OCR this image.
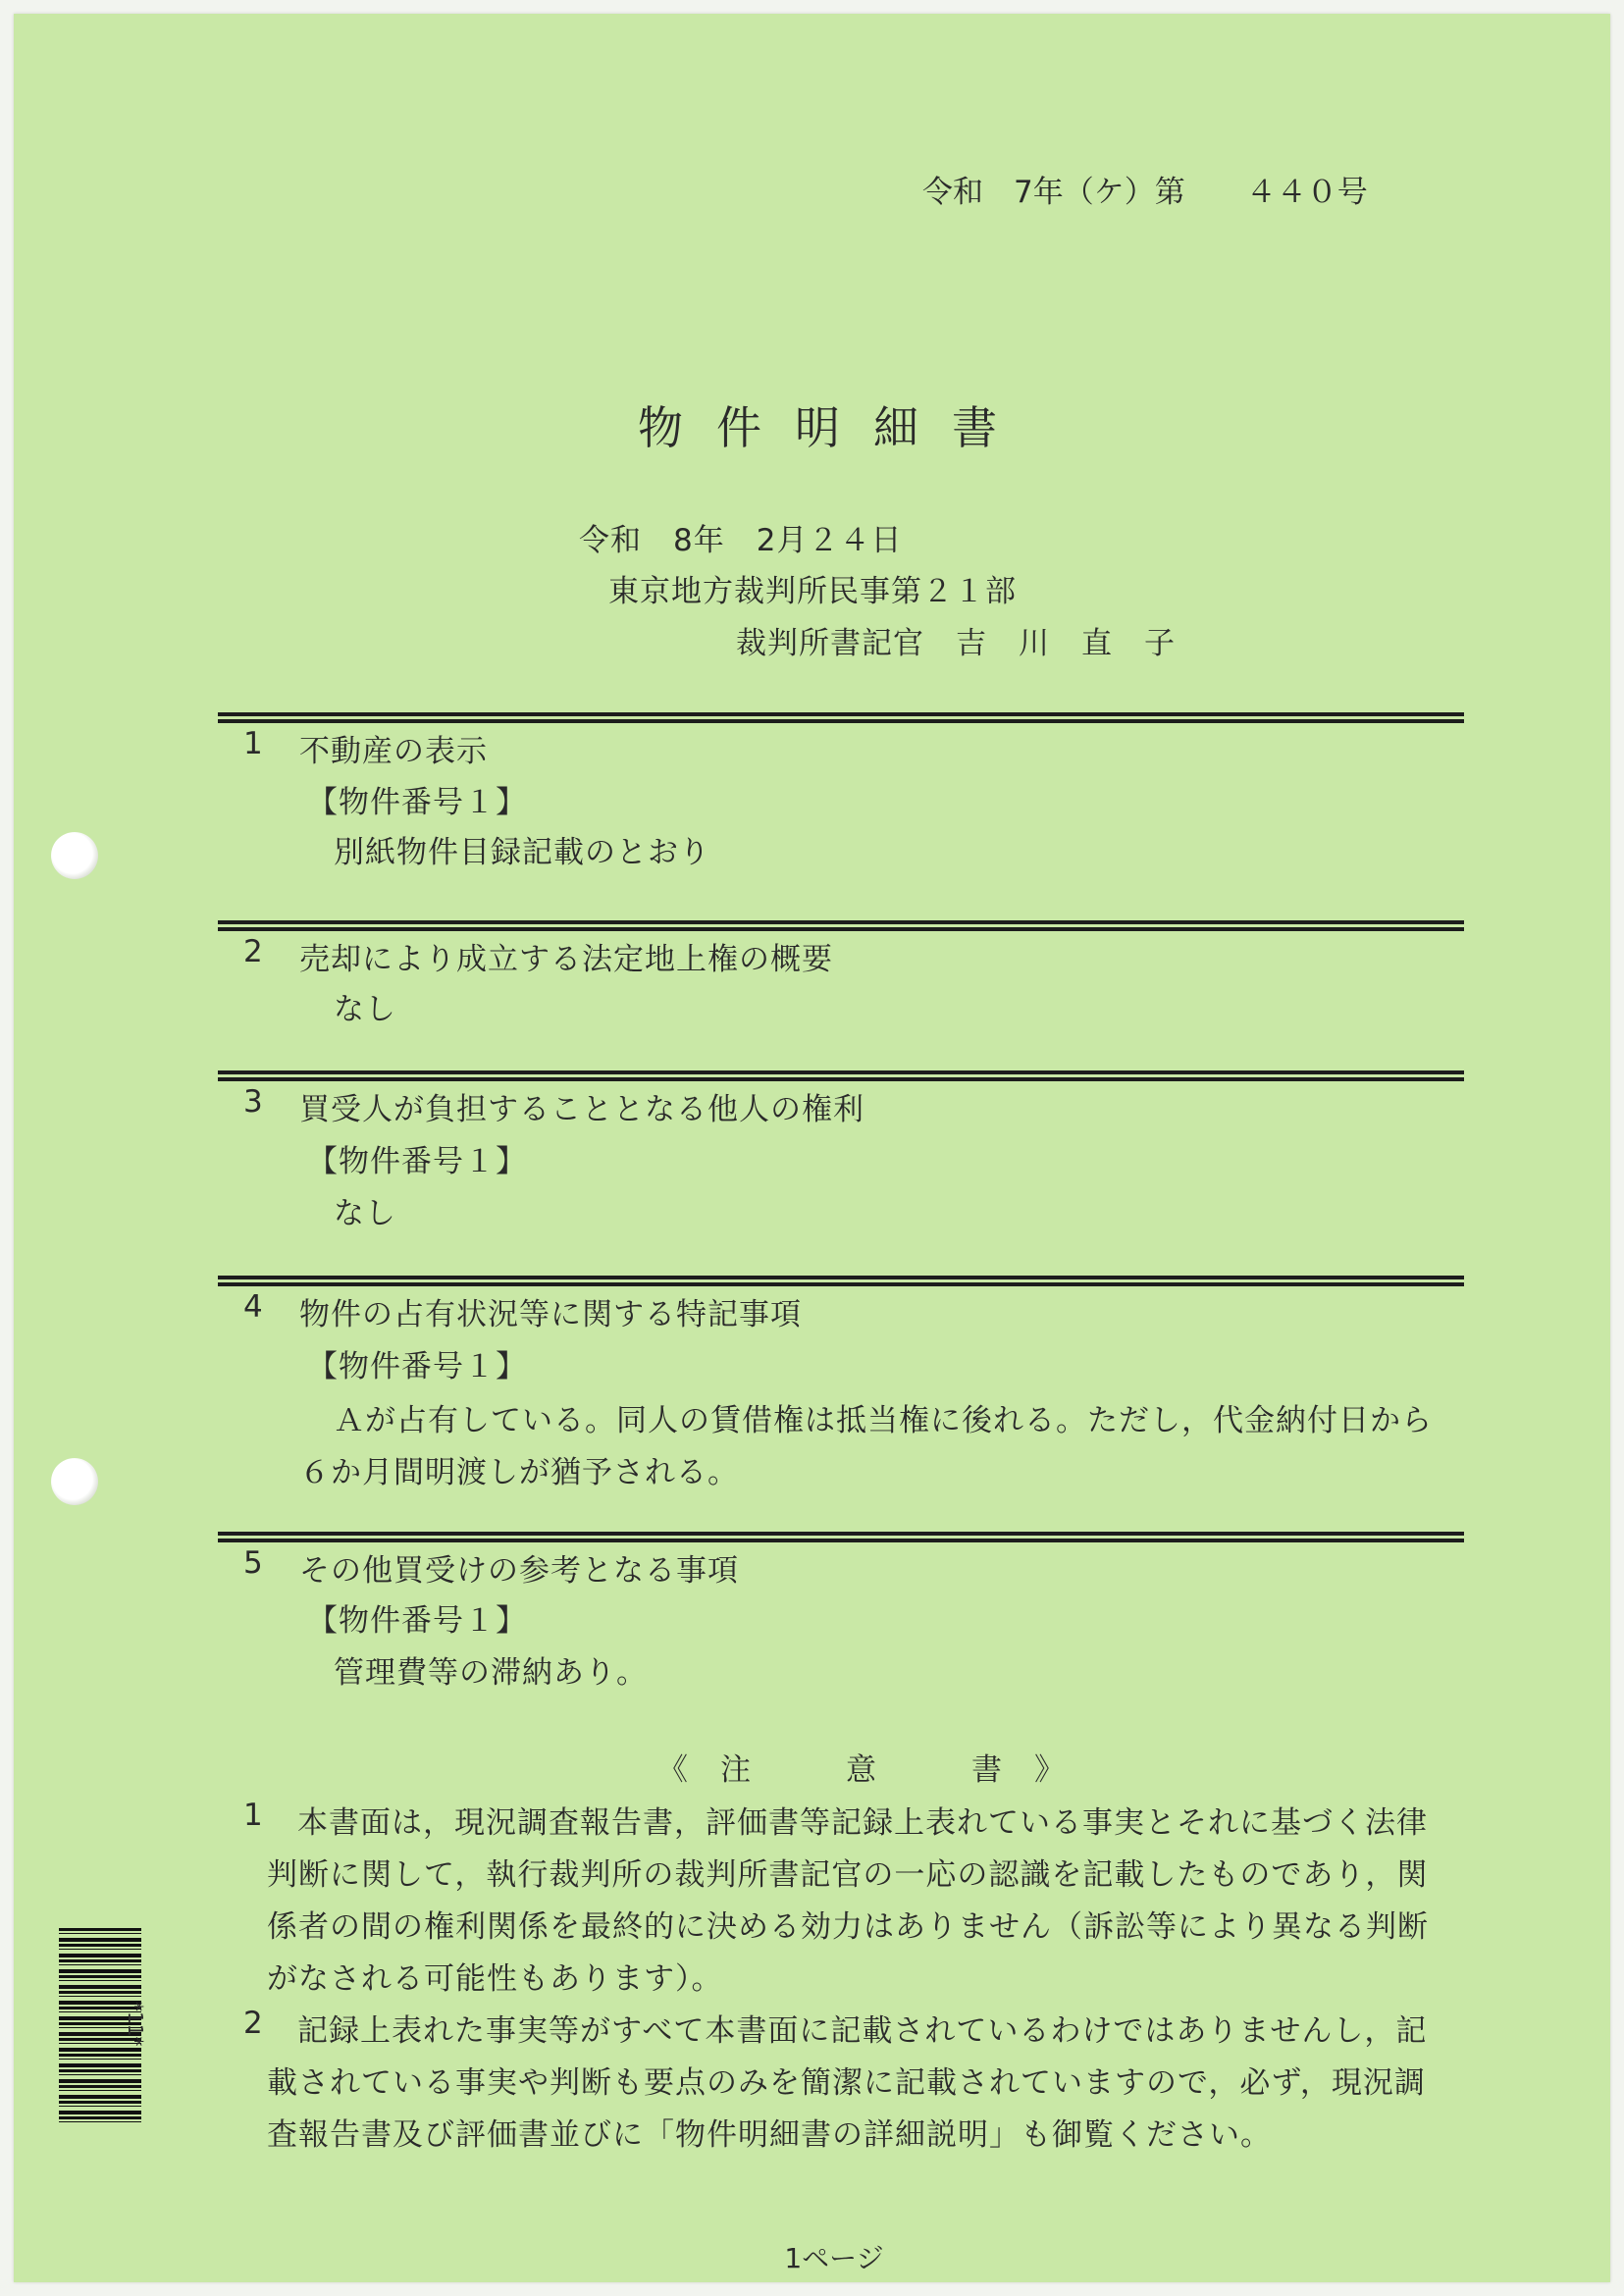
令和　7年（ケ）第　　４４０号
物件明細書
令和　8年　2月２４日
東京地方裁判所民事第２１部
裁判所書記官　吉　川　直　子
1 不動産の表示
【物件番号１】
別紙物件目録記載のとおり
2 売却により成立する法定地上権の概要
なし
3 買受人が負担することとなる他人の権利
【物件番号１】
なし
4 物件の占有状況等に関する特記事項
【物件番号１】
Ａが占有している。同人の賃借権は抵当権に後れる。ただし，代金納付日から
６か月間明渡しが猶予される。
5 その他買受けの参考となる事項
【物件番号１】
管理費等の滞納あり。
《　注　　　意　　　書　》
1 本書面は，現況調査報告書，評価書等記録上表れている事実とそれに基づく法律
判断に関して，執行裁判所の裁判所書記官の一応の認識を記載したものであり，関
係者の間の権利関係を最終的に決める効力はありません（訴訟等により異なる判断
がなされる可能性もあります）。
2 記録上表れた事実等がすべて本書面に記載されているわけではありませんし，記
載されている事実や判断も要点のみを簡潔に記載されていますので，必ず，現況調
査報告書及び評価書並びに「物件明細書の詳細説明」も御覧ください。
*11*
1ページ
